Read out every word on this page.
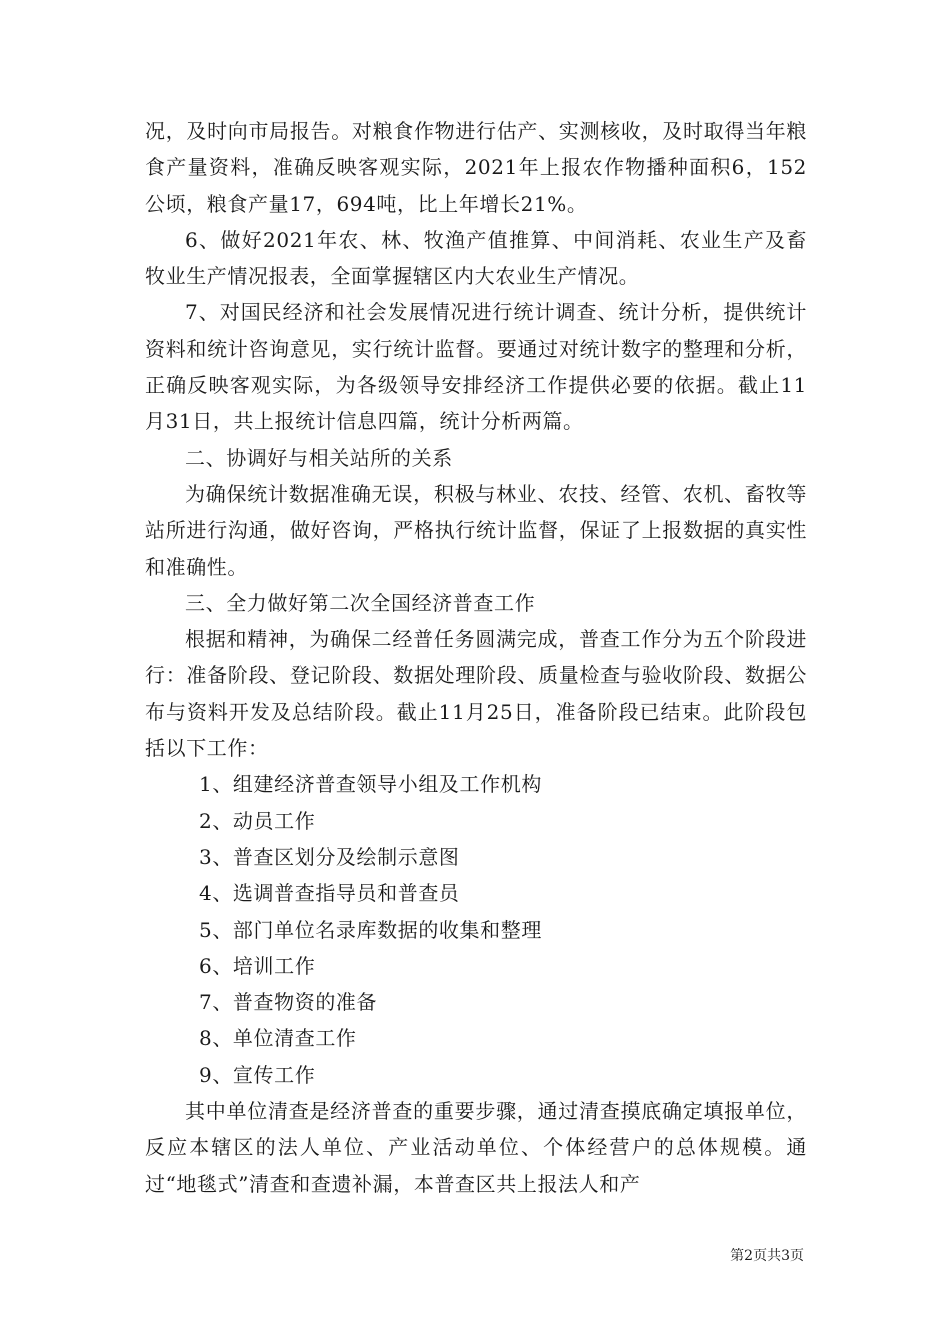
况，及时向市局报告。对粮食作物进行估产、实测核收，及时取得当年粮食产量资料，准确反映客观实际，2021年上报农作物播种面积6，152公顷，粮食产量17，694吨，比上年增长21%。

6、做好2021年农、林、牧渔产值推算、中间消耗、农业生产及畜牧业生产情况报表，全面掌握辖区内大农业生产情况。

7、对国民经济和社会发展情况进行统计调查、统计分析，提供统计资料和统计咨询意见，实行统计监督。要通过对统计数字的整理和分析，正确反映客观实际，为各级领导安排经济工作提供必要的依据。截止11月31日，共上报统计信息四篇，统计分析两篇。

二、协调好与相关站所的关系

为确保统计数据准确无误，积极与林业、农技、经管、农机、畜牧等站所进行沟通，做好咨询，严格执行统计监督，保证了上报数据的真实性和准确性。

三、全力做好第二次全国经济普查工作

根据和精神，为确保二经普任务圆满完成，普查工作分为五个阶段进行：准备阶段、登记阶段、数据处理阶段、质量检查与验收阶段、数据公布与资料开发及总结阶段。截止11月25日，准备阶段已结束。此阶段包括以下工作：

1、组建经济普查领导小组及工作机构

2、动员工作

3、普查区划分及绘制示意图

4、选调普查指导员和普查员

5、部门单位名录库数据的收集和整理

6、培训工作

7、普查物资的准备

8、单位清查工作

9、宣传工作

其中单位清查是经济普查的重要步骤，通过清查摸底确定填报单位，反应本辖区的法人单位、产业活动单位、个体经营户的总体规模。通过“地毯式”清查和查遗补漏，本普查区共上报法人和产

第2页共3页
